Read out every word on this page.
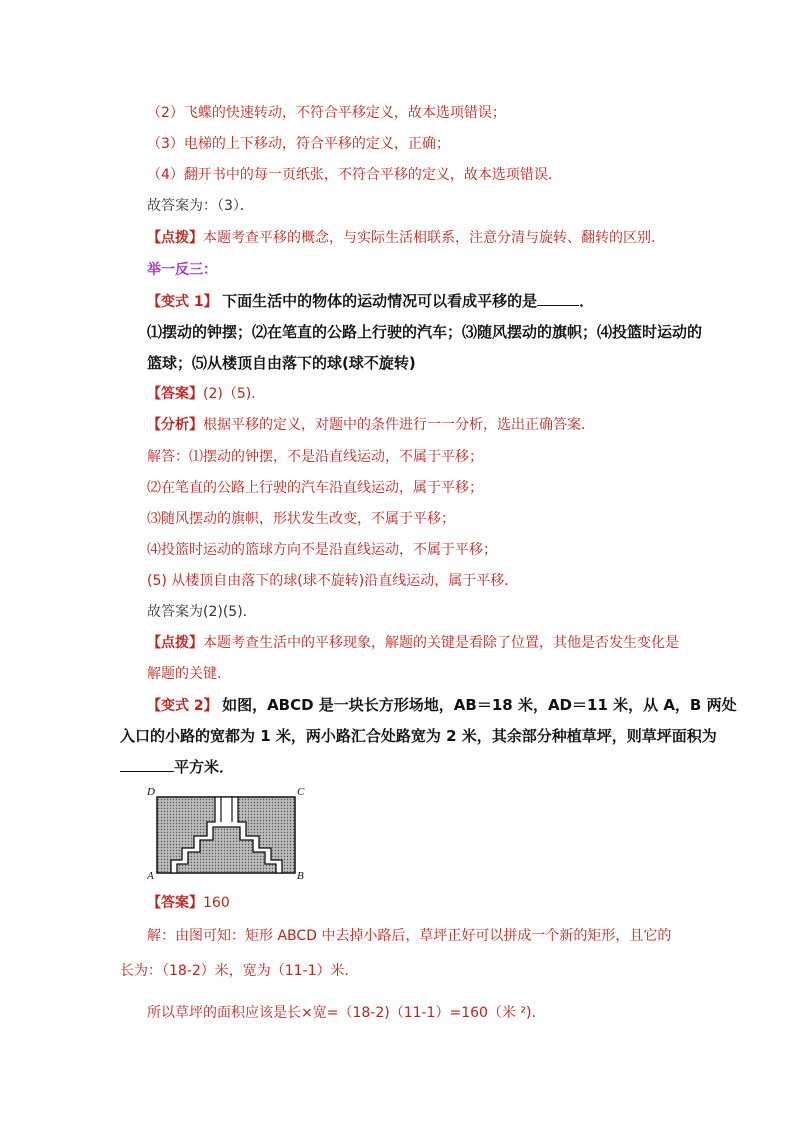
（2）飞蝶的快速转动，不符合平移定义，故本选项错误；
（3）电梯的上下移动，符合平移的定义，正确；
（4）翻开书中的每一页纸张，不符合平移的定义，故本选项错误．
故答案为：（3）．
【点拨】本题考查平移的概念，与实际生活相联系，注意分清与旋转、翻转的区别．
举一反三：
【变式 1】 下面生活中的物体的运动情况可以看成平移的是	．
⑴摆动的钟摆；⑵在笔直的公路上行驶的汽车；⑶随风摆动的旗帜；⑷投篮时运动的
篮球；⑸从楼顶自由落下的球(球不旋转)
【答案】(2)（5).
【分析】根据平移的定义，对题中的条件进行一一分析，选出正确答案．
解答：⑴摆动的钟摆，不是沿直线运动，不属于平移；
⑵在笔直的公路上行驶的汽车沿直线运动，属于平移；
⑶随风摆动的旗帜，形状发生改变，不属于平移；
⑷投篮时运动的篮球方向不是沿直线运动，不属于平移；
(5) 从楼顶自由落下的球(球不旋转)沿直线运动，属于平移．
故答案为(2)(5).
【点拨】本题考查生活中的平移现象，解题的关键是看除了位置，其他是否发生变化是
解题的关键.
【变式 2】 如图，ABCD 是一块长方形场地，AB＝18 米，AD＝11 米，从 A，B 两处
入口的小路的宽都为 1 米，两小路汇合处路宽为 2 米，其余部分种植草坪，则草坪面积为
平方米．
D	C
A	B
【答案】160
解：由图可知：矩形 ABCD 中去掉小路后，草坪正好可以拼成一个新的矩形，且它的
长为：（18-2）米，宽为（11-1）米．
所以草坪的面积应该是长×宽=（18-2)（11-1）=160（米 ²).
